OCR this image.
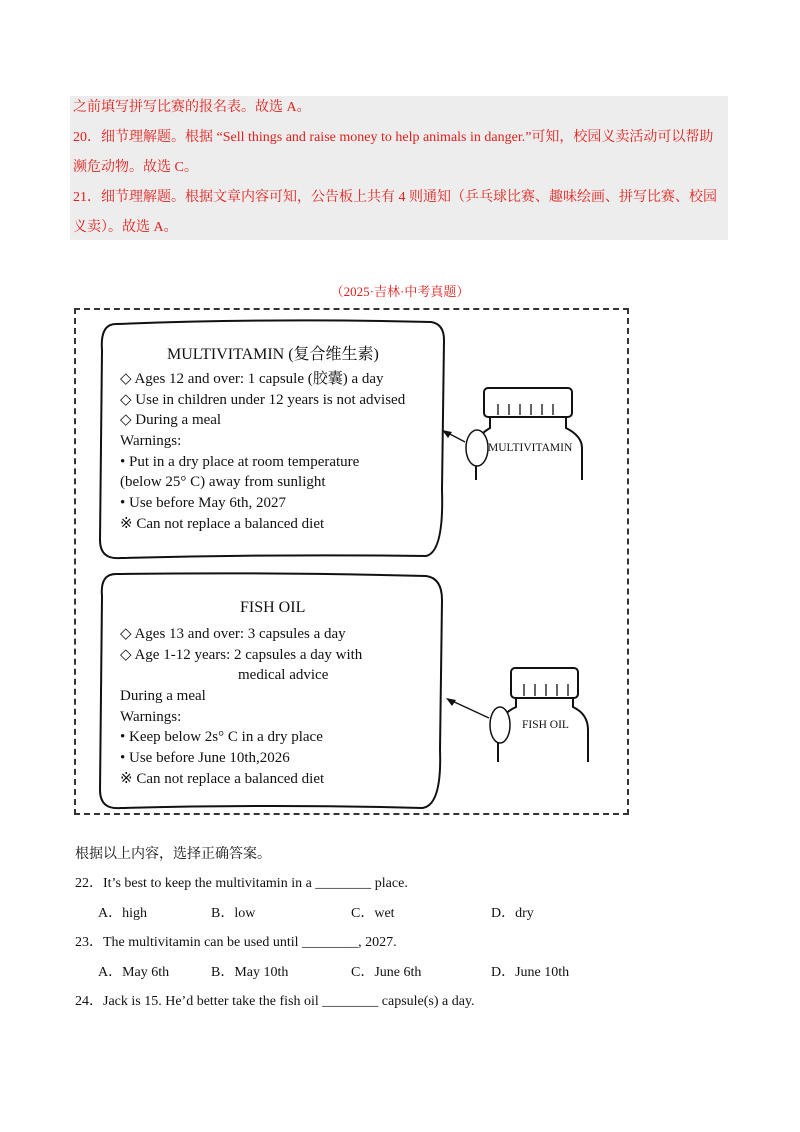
之前填写拼写比赛的报名表。故选 A。

20．细节理解题。根据 “Sell things and raise money to help animals in danger.”可知，校园义卖活动可以帮助

濒危动物。故选 C。

21．细节理解题。根据文章内容可知，公告板上共有 4 则通知（乒乓球比赛、趣味绘画、拼写比赛、校园

义卖）。故选 A。

（2025·吉林·中考真题）
MULTIVITAMIN (复合维生素)
◇ Ages 12 and over: 1 capsule (胶囊) a day
◇ Use in children under 12 years is not advised
◇ During a meal
Warnings:
• Put in a dry place at room temperature
(below 25° C) away from sunlight
• Use before May 6th, 2027
※ Can not replace a balanced diet
MULTIVITAMIN
FISH OIL
◇ Ages 13 and over: 3 capsules a day
◇ Age 1-12 years: 2 capsules a day with
medical advice
During a meal
Warnings:
• Keep below 2s° C in a dry place
• Use before June 10th,2026
※ Can not replace a balanced diet
FISH OIL
根据以上内容，选择正确答案。
22．It’s best to keep the multivitamin in a ________ place.
A．high	B．low	C．wet	D．dry
23．The multivitamin can be used until ________, 2027.
A．May 6th	B．May 10th	C．June 6th	D．June 10th
24．Jack is 15. He’d better take the fish oil ________ capsule(s) a day.
